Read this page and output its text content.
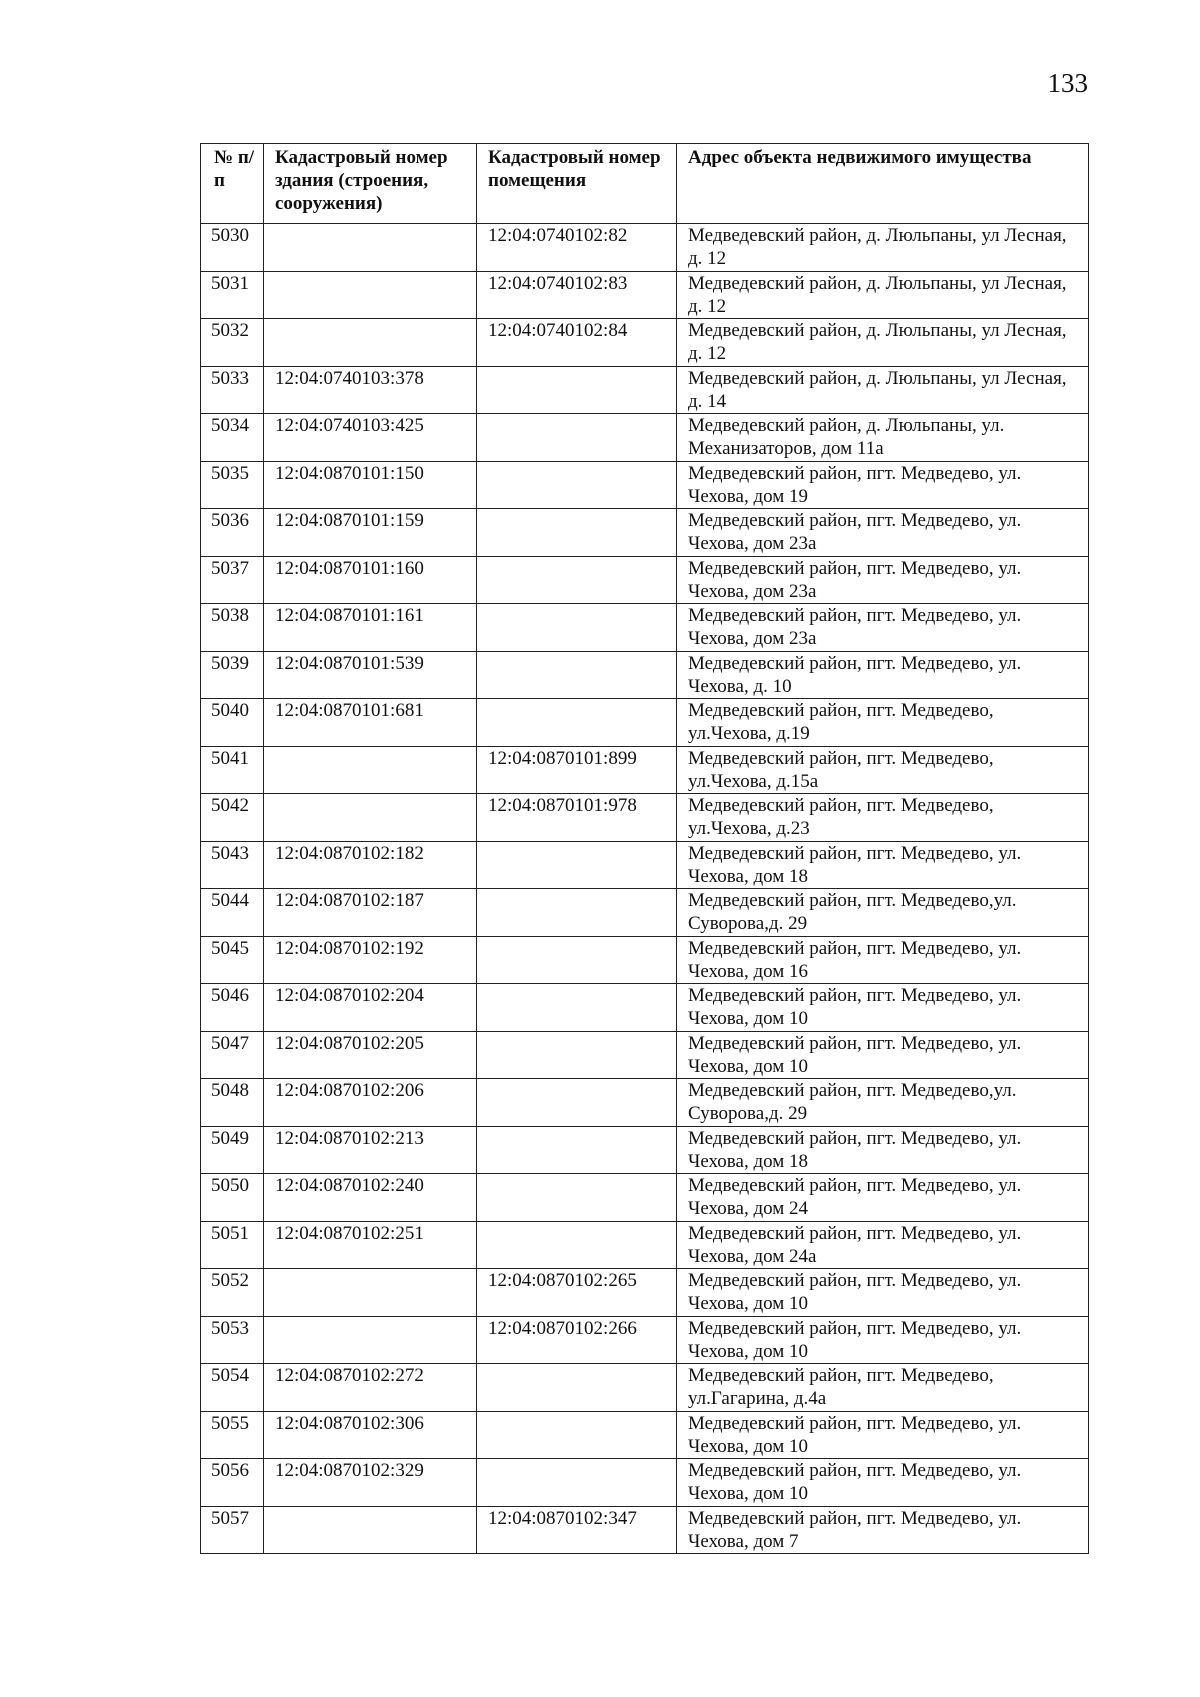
133
№ п/п	Кадастровый номер здания (строения, сооружения)	Кадастровый номер помещения	Адрес объекта недвижимого имущества
5030		12:04:0740102:82	Медведевский район, д. Люльпаны, ул Лесная, д. 12
5031		12:04:0740102:83	Медведевский район, д. Люльпаны, ул Лесная, д. 12
5032		12:04:0740102:84	Медведевский район, д. Люльпаны, ул Лесная, д. 12
5033	12:04:0740103:378		Медведевский район, д. Люльпаны, ул Лесная, д. 14
5034	12:04:0740103:425		Медведевский район, д. Люльпаны, ул. Механизаторов, дом 11а
5035	12:04:0870101:150		Медведевский район, пгт. Медведево, ул. Чехова, дом 19
5036	12:04:0870101:159		Медведевский район, пгт. Медведево, ул. Чехова, дом 23а
5037	12:04:0870101:160		Медведевский район, пгт. Медведево, ул. Чехова, дом 23а
5038	12:04:0870101:161		Медведевский район, пгт. Медведево, ул. Чехова, дом 23а
5039	12:04:0870101:539		Медведевский район, пгт. Медведево, ул. Чехова, д. 10
5040	12:04:0870101:681		Медведевский район, пгт. Медведево, ул.Чехова, д.19
5041		12:04:0870101:899	Медведевский район, пгт. Медведево, ул.Чехова, д.15а
5042		12:04:0870101:978	Медведевский район, пгт. Медведево, ул.Чехова, д.23
5043	12:04:0870102:182		Медведевский район, пгт. Медведево, ул. Чехова, дом 18
5044	12:04:0870102:187		Медведевский район, пгт. Медведево,ул. Суворова,д. 29
5045	12:04:0870102:192		Медведевский район, пгт. Медведево, ул. Чехова, дом 16
5046	12:04:0870102:204		Медведевский район, пгт. Медведево, ул. Чехова, дом 10
5047	12:04:0870102:205		Медведевский район, пгт. Медведево, ул. Чехова, дом 10
5048	12:04:0870102:206		Медведевский район, пгт. Медведево,ул. Суворова,д. 29
5049	12:04:0870102:213		Медведевский район, пгт. Медведево, ул. Чехова, дом 18
5050	12:04:0870102:240		Медведевский район, пгт. Медведево, ул. Чехова, дом 24
5051	12:04:0870102:251		Медведевский район, пгт. Медведево, ул. Чехова, дом 24а
5052		12:04:0870102:265	Медведевский район, пгт. Медведево, ул. Чехова, дом 10
5053		12:04:0870102:266	Медведевский район, пгт. Медведево, ул. Чехова, дом 10
5054	12:04:0870102:272		Медведевский район, пгт. Медведево, ул.Гагарина, д.4а
5055	12:04:0870102:306		Медведевский район, пгт. Медведево, ул. Чехова, дом 10
5056	12:04:0870102:329		Медведевский район, пгт. Медведево, ул. Чехова, дом 10
5057		12:04:0870102:347	Медведевский район, пгт. Медведево, ул. Чехова, дом 7
